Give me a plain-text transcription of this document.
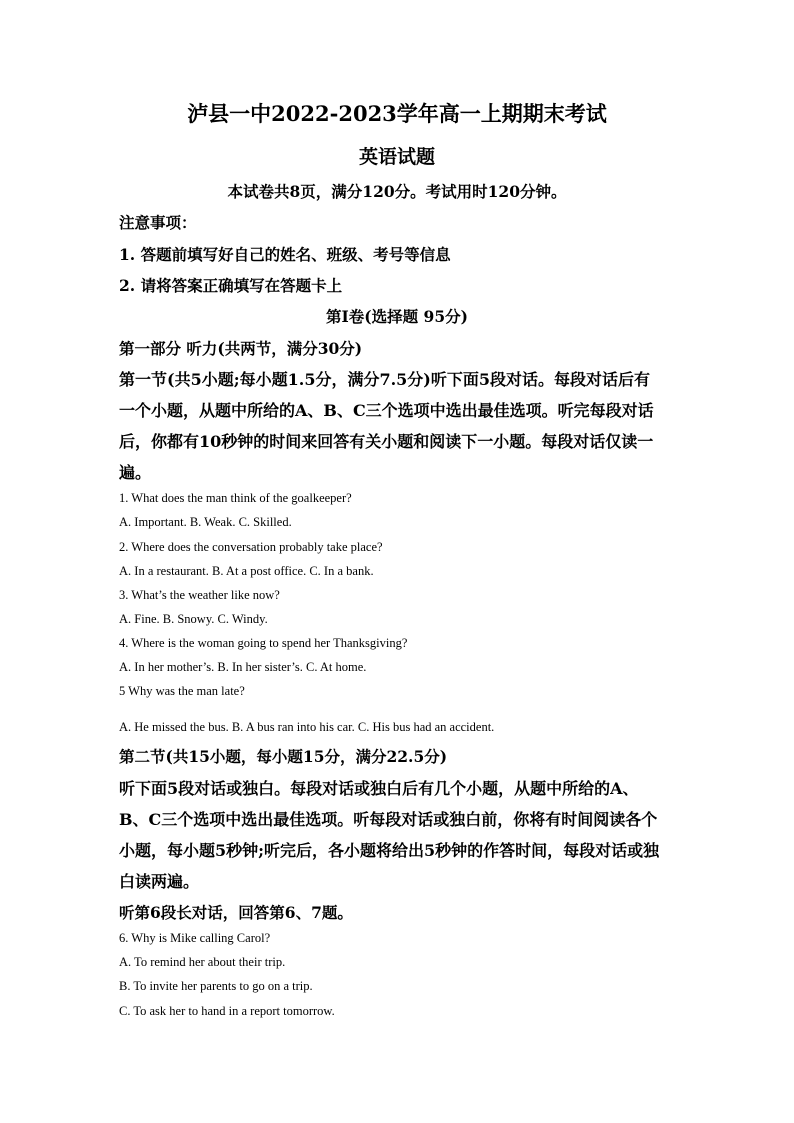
泸县一中2022-2023学年高一上期期末考试
英语试题
本试卷共8页，满分120分。考试用时120分钟。
注意事项：
1. 答题前填写好自己的姓名、班级、考号等信息
2. 请将答案正确填写在答题卡上
第I卷(选择题 95分)
第一部分 听力(共两节，满分30分)
第一节(共5小题;每小题1.5分，满分7.5分)听下面5段对话。每段对话后有
一个小题，从题中所给的A、B、C三个选项中选出最佳选项。听完每段对话
后，你都有10秒钟的时间来回答有关小题和阅读下一小题。每段对话仅读一
遍。
1. What does the man think of the goalkeeper?
A. Important. B. Weak. C. Skilled.
2. Where does the conversation probably take place?
A. In a restaurant. B. At a post office. C. In a bank.
3. What’s the weather like now?
A. Fine. B. Snowy. C. Windy.
4. Where is the woman going to spend her Thanksgiving?
A. In her mother’s. B. In her sister’s. C. At home.
5 Why was the man late?
A. He missed the bus. B. A bus ran into his car. C. His bus had an accident.
第二节(共15小题，每小题15分，满分22.5分)
听下面5段对话或独白。每段对话或独白后有几个小题，从题中所给的A、
B、C三个选项中选出最佳选项。听每段对话或独白前，你将有时间阅读各个
小题，每小题5秒钟;听完后，各小题将给出5秒钟的作答时间，每段对话或独
白读两遍。
听第6段长对话，回答第6、7题。
6. Why is Mike calling Carol?
A. To remind her about their trip.
B. To invite her parents to go on a trip.
C. To ask her to hand in a report tomorrow.
